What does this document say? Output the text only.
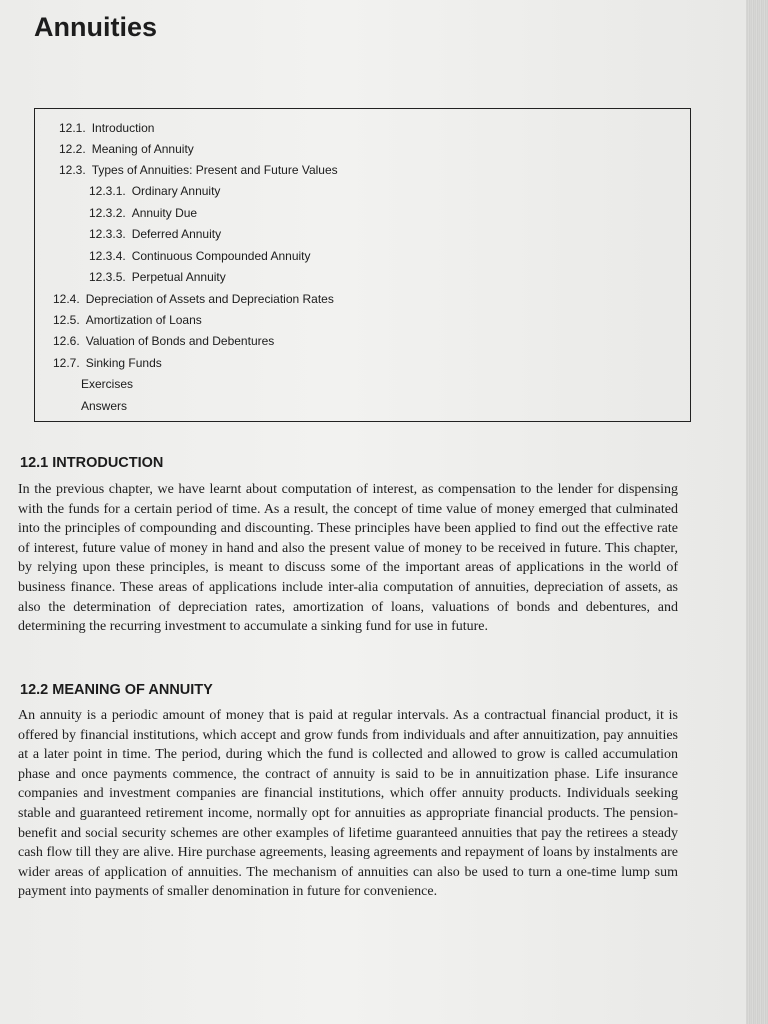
Annuities
12.1. Introduction
12.2. Meaning of Annuity
12.3. Types of Annuities: Present and Future Values
12.3.1. Ordinary Annuity
12.3.2. Annuity Due
12.3.3. Deferred Annuity
12.3.4. Continuous Compounded Annuity
12.3.5. Perpetual Annuity
12.4. Depreciation of Assets and Depreciation Rates
12.5. Amortization of Loans
12.6. Valuation of Bonds and Debentures
12.7. Sinking Funds
Exercises
Answers
12.1 INTRODUCTION

In the previous chapter, we have learnt about computation of interest, as compensation to the lender for dispensing with the funds for a certain period of time. As a result, the concept of time value of money emerged that culminated into the principles of compounding and discounting. These principles have been applied to find out the effective rate of interest, future value of money in hand and also the present value of money to be received in future. This chapter, by relying upon these principles, is meant to discuss some of the important areas of applications in the world of business finance. These areas of applications include inter-alia computation of annuities, depreciation of assets, as also the determination of depreciation rates, amortization of loans, valuations of bonds and debentures, and determining the recurring investment to accumulate a sinking fund for use in future.

12.2 MEANING OF ANNUITY

An annuity is a periodic amount of money that is paid at regular intervals. As a contractual financial product, it is offered by financial institutions, which accept and grow funds from individuals and after annuitization, pay annuities at a later point in time. The period, during which the fund is collected and allowed to grow is called accumulation phase and once payments commence, the contract of annuity is said to be in annuitization phase. Life insurance companies and investment companies are financial institutions, which offer annuity products. Individuals seeking stable and guaranteed retirement income, normally opt for annuities as appropriate financial products. The pension-benefit and social security schemes are other examples of lifetime guaranteed annuities that pay the retirees a steady cash flow till they are alive. Hire purchase agreements, leasing agreements and repayment of loans by instalments are wider areas of application of annuities. The mechanism of annuities can also be used to turn a one-time lump sum payment into payments of smaller denomination in future for convenience.
